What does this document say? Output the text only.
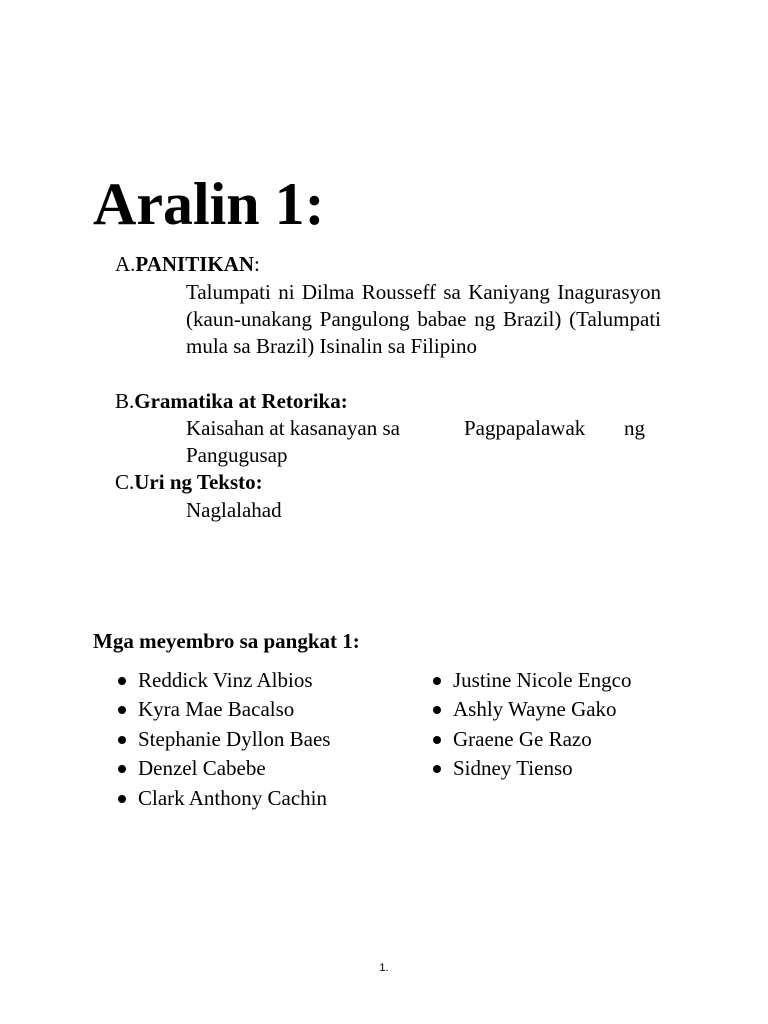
Aralin 1:
A.PANITIKAN:
Talumpati ni Dilma Rousseff sa Kaniyang Inagurasyon (kaun-unakang Pangulong babae ng Brazil) (Talumpati mula sa Brazil) Isinalin sa Filipino
B.Gramatika at Retorika:
Kaisahan at kasanayan sa	Pagpapalawak	ng
Pangugusap
C.Uri ng Teksto:
Naglalahad
Mga meyembro sa pangkat 1:
Reddick Vinz Albios
Kyra Mae Bacalso
Stephanie Dyllon Baes
Denzel Cabebe
Clark Anthony Cachin
Justine Nicole Engco
Ashly Wayne Gako
Graene Ge Razo
Sidney Tienso
1.
